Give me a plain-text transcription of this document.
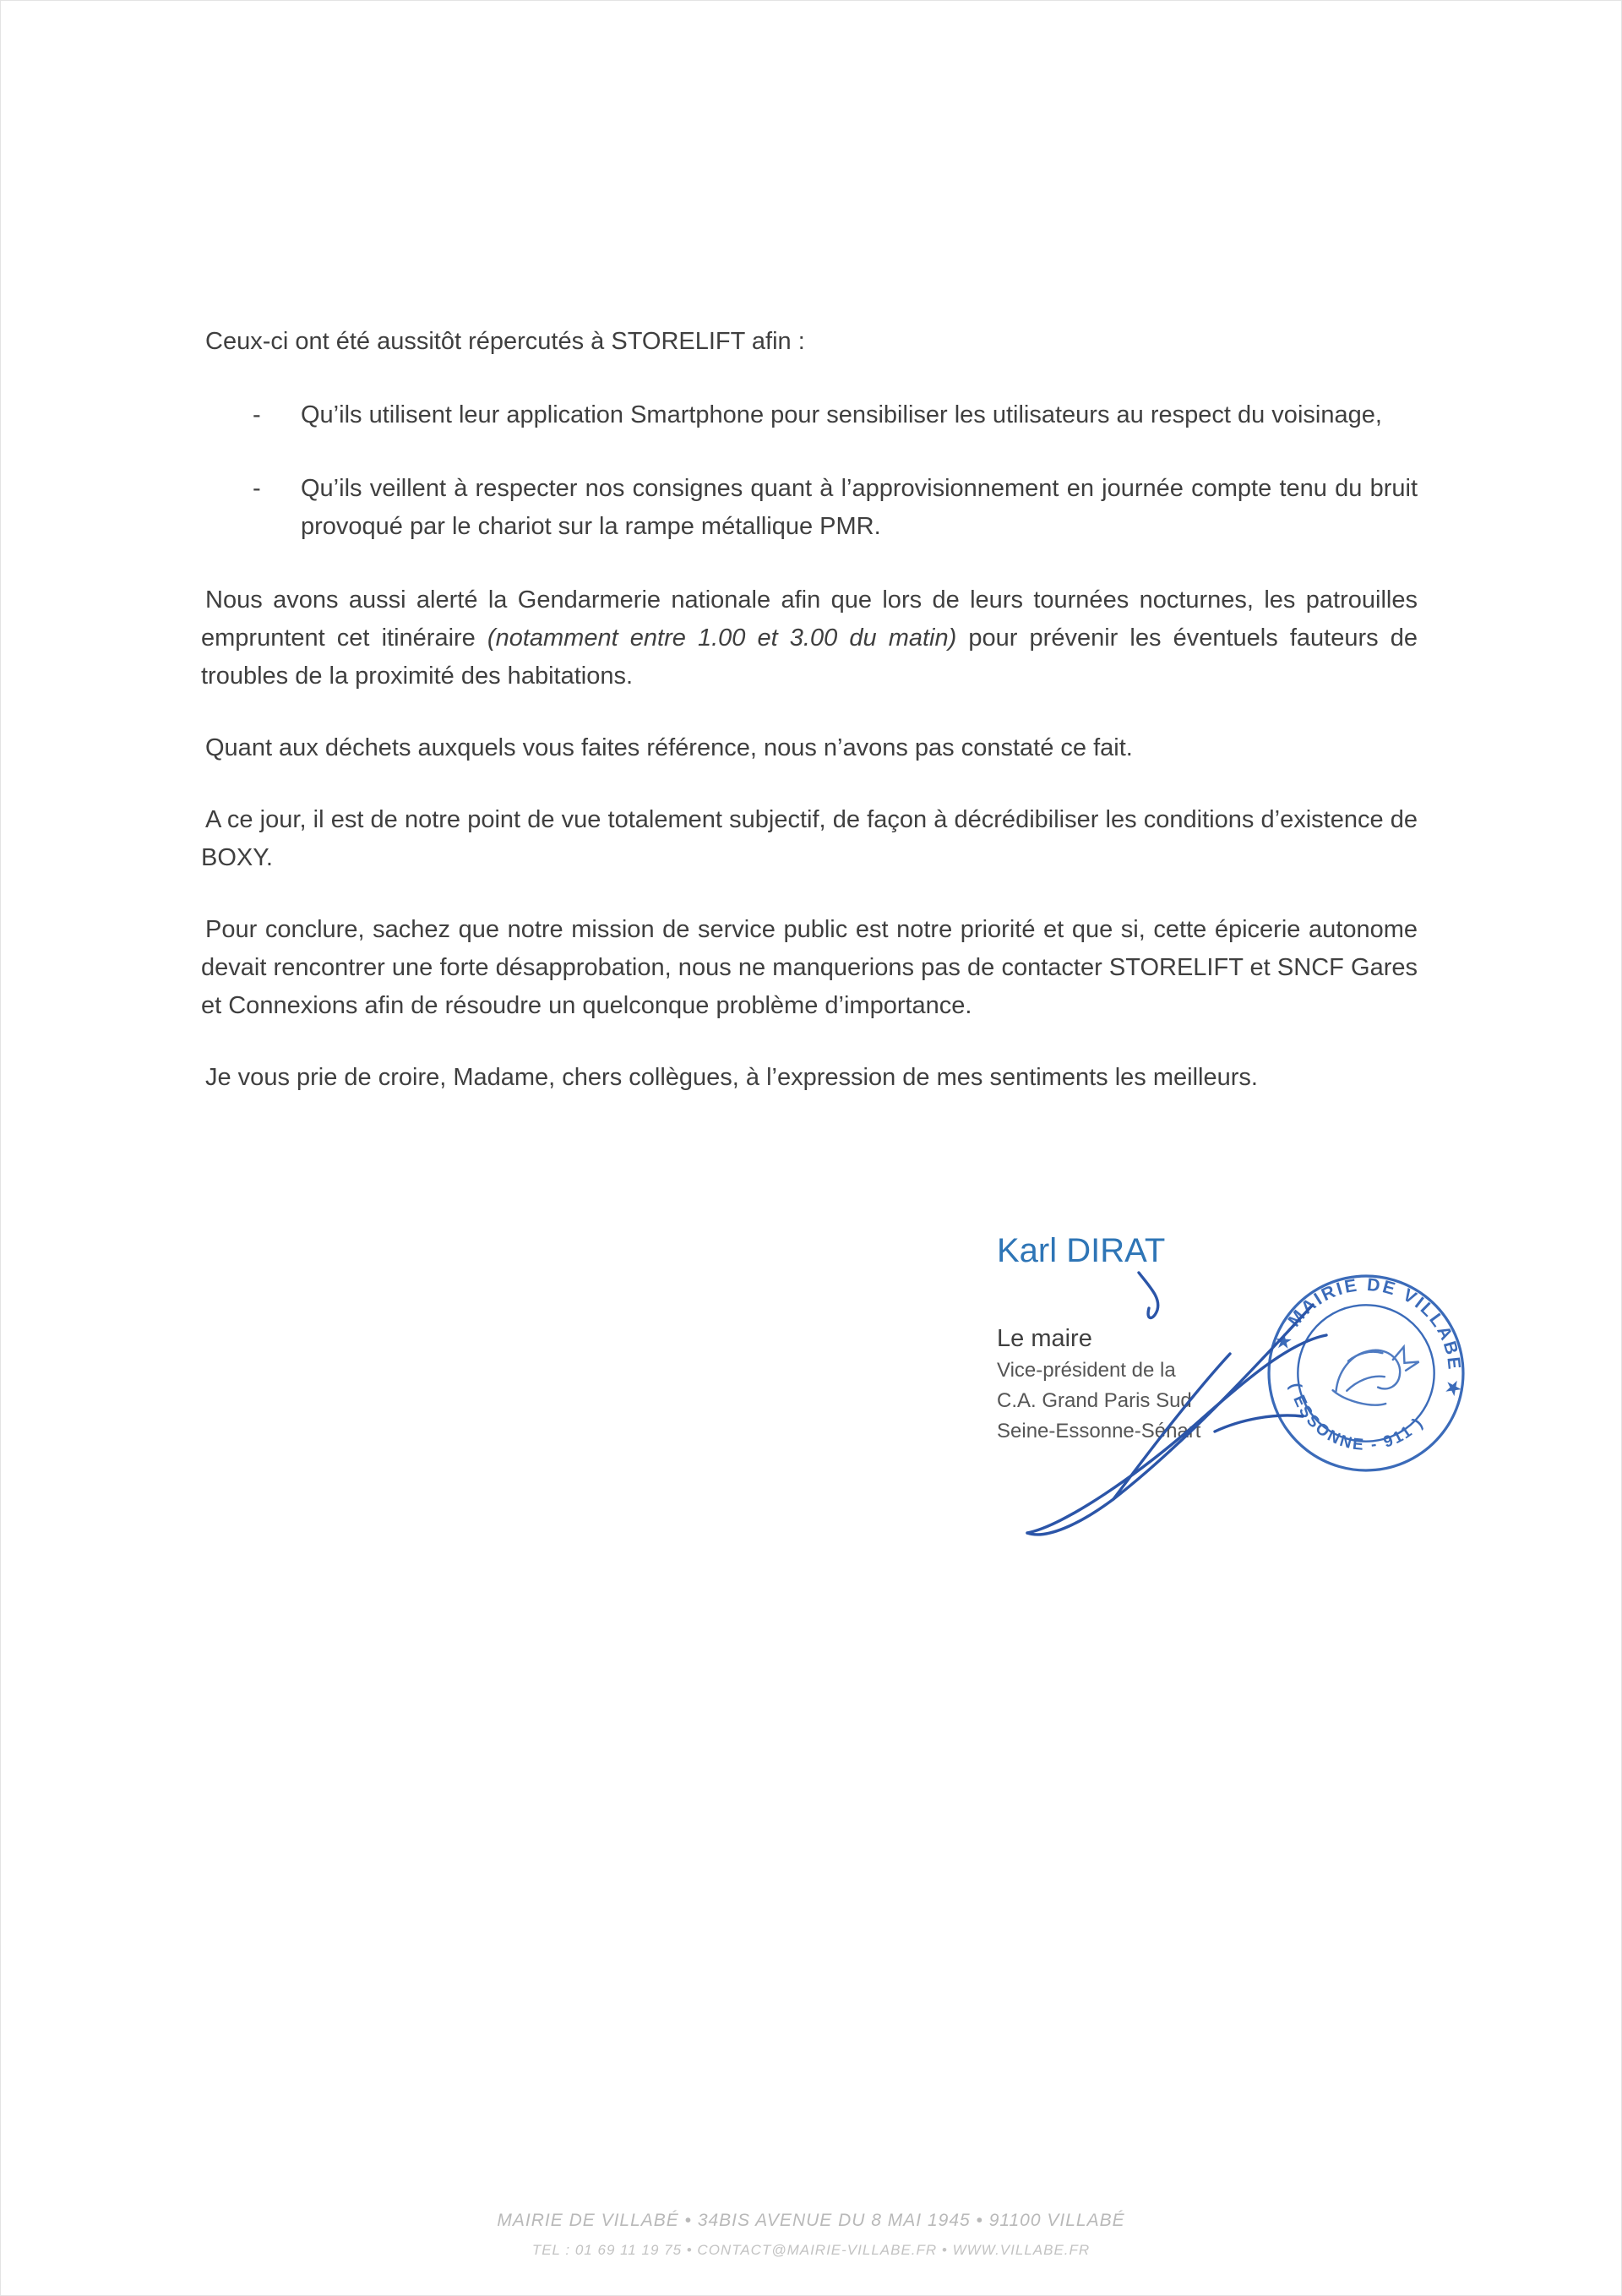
Ceux-ci ont été aussitôt répercutés à STORELIFT afin :

- Qu’ils utilisent leur application Smartphone pour sensibiliser les utilisateurs au respect du voisinage,
- Qu’ils veillent à respecter nos consignes quant à l’approvisionnement en journée compte tenu du bruit provoqué par le chariot sur la rampe métallique PMR.

Nous avons aussi alerté la Gendarmerie nationale afin que lors de leurs tournées nocturnes, les patrouilles empruntent cet itinéraire (notamment entre 1.00 et 3.00 du matin) pour prévenir les éventuels fauteurs de troubles de la proximité des habitations.

Quant aux déchets auxquels vous faites référence, nous n’avons pas constaté ce fait.

A ce jour, il est de notre point de vue totalement subjectif, de façon à décrédibiliser les conditions d’existence de BOXY.

Pour conclure, sachez que notre mission de service public est notre priorité et que si, cette épicerie autonome devait rencontrer une forte désapprobation, nous ne manquerions pas de contacter STORELIFT et SNCF Gares et Connexions afin de résoudre un quelconque problème d’importance.

Je vous prie de croire, Madame, chers collègues, à l’expression de mes sentiments les meilleurs.

Karl DIRAT
Le maire
Vice-président de la
C.A. Grand Paris Sud
Seine-Essonne-Sénart
★ MAIRIE DE VILLABÉ ★
( ESSONNE - 911 )
MAIRIE DE VILLABÉ • 34BIS AVENUE DU 8 MAI 1945 • 91100 VILLABÉ
TEL : 01 69 11 19 75 • CONTACT@MAIRIE-VILLABE.FR • WWW.VILLABE.FR
